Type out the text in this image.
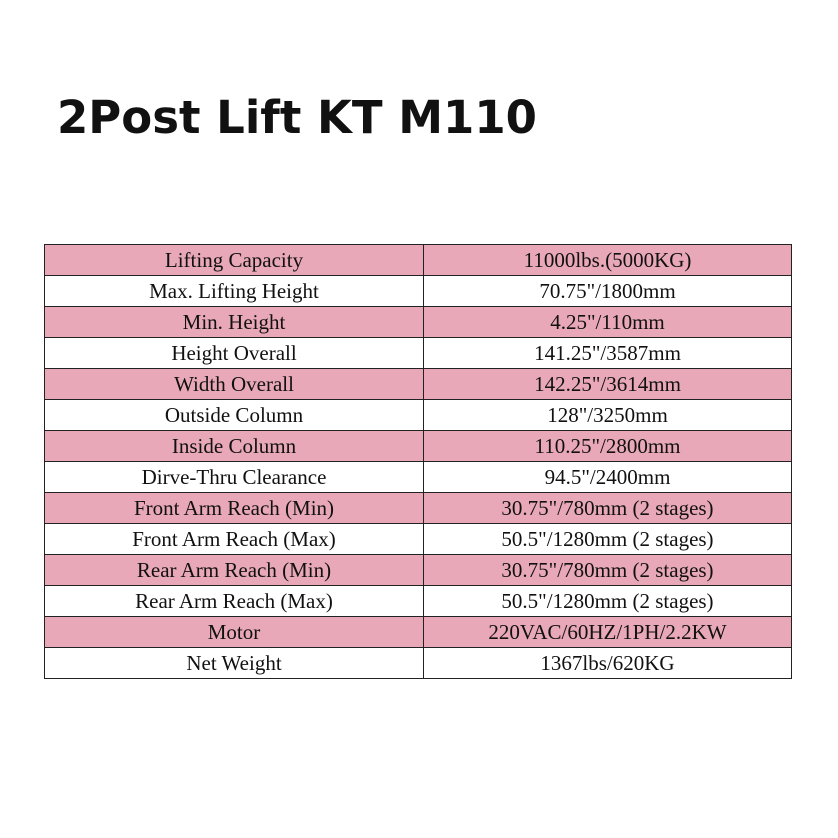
2Post Lift KT M110
Lifting Capacity	11000lbs.(5000KG)
Max. Lifting Height	70.75"/1800mm
Min. Height	4.25"/110mm
Height Overall	141.25"/3587mm
Width Overall	142.25"/3614mm
Outside Column	128"/3250mm
Inside Column	110.25"/2800mm
Dirve-Thru Clearance	94.5"/2400mm
Front Arm Reach (Min)	30.75"/780mm (2 stages)
Front Arm Reach (Max)	50.5"/1280mm (2 stages)
Rear Arm Reach (Min)	30.75"/780mm (2 stages)
Rear Arm Reach (Max)	50.5"/1280mm (2 stages)
Motor	220VAC/60HZ/1PH/2.2KW
Net Weight	1367lbs/620KG
